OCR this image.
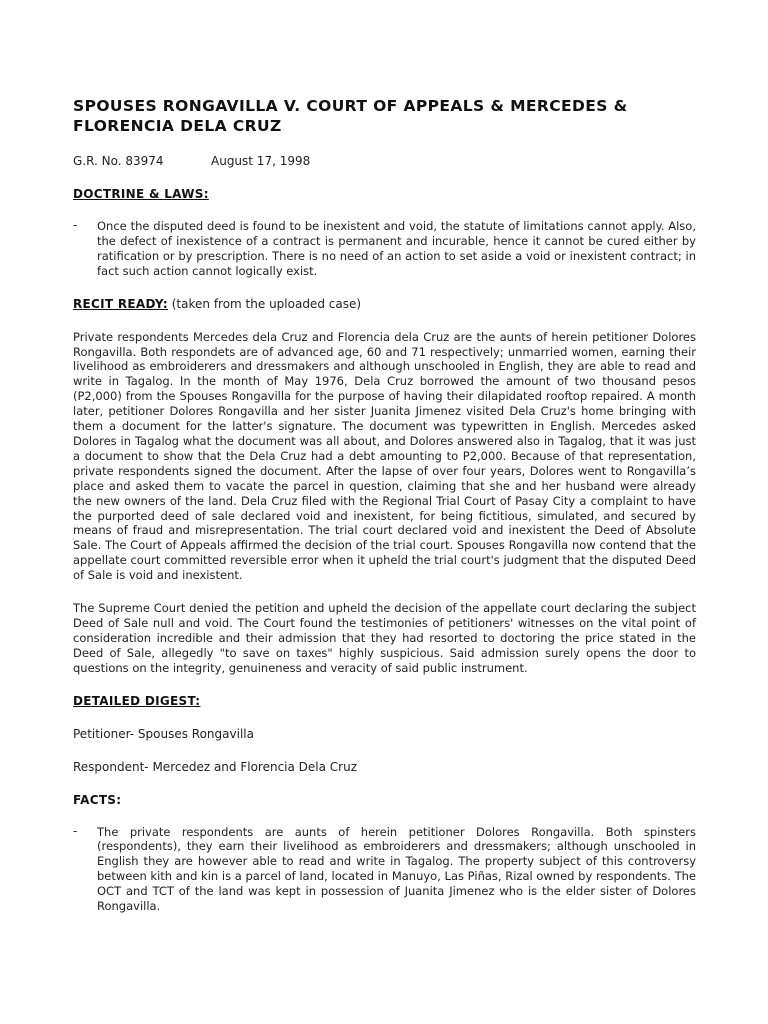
SPOUSES RONGAVILLA V. COURT OF APPEALS & MERCEDES & FLORENCIA DELA CRUZ
G.R. No. 83974	August 17, 1998
DOCTRINE & LAWS:
-	Once the disputed deed is found to be inexistent and void, the statute of limitations cannot apply. Also, the defect of inexistence of a contract is permanent and incurable, hence it cannot be cured either by ratification or by prescription. There is no need of an action to set aside a void or inexistent contract; in fact such action cannot logically exist.

RECIT READY: (taken from the uploaded case)

Private respondents Mercedes dela Cruz and Florencia dela Cruz are the aunts of herein petitioner Dolores Rongavilla. Both respondets are of advanced age, 60 and 71 respectively; unmarried women, earning their livelihood as embroiderers and dressmakers and although unschooled in English, they are able to read and write in Tagalog. In the month of May 1976, Dela Cruz borrowed the amount of two thousand pesos (P2,000) from the Spouses Rongavilla for the purpose of having their dilapidated rooftop repaired. A month later, petitioner Dolores Rongavilla and her sister Juanita Jimenez visited Dela Cruz's home bringing with them a document for the latter's signature. The document was typewritten in English. Mercedes asked Dolores in Tagalog what the document was all about, and Dolores answered also in Tagalog, that it was just a document to show that the Dela Cruz had a debt amounting to P2,000. Because of that representation, private respondents signed the document. After the lapse of over four years, Dolores went to Rongavilla’s place and asked them to vacate the parcel in question, claiming that she and her husband were already the new owners of the land. Dela Cruz filed with the Regional Trial Court of Pasay City a complaint to have the purported deed of sale declared void and inexistent, for being fictitious, simulated, and secured by means of fraud and misrepresentation. The trial court declared void and inexistent the Deed of Absolute Sale. The Court of Appeals affirmed the decision of the trial court. Spouses Rongavilla now contend that the appellate court committed reversible error when it upheld the trial court's judgment that the disputed Deed of Sale is void and inexistent.

The Supreme Court denied the petition and upheld the decision of the appellate court declaring the subject Deed of Sale null and void. The Court found the testimonies of petitioners' witnesses on the vital point of consideration incredible and their admission that they had resorted to doctoring the price stated in the Deed of Sale, allegedly "to save on taxes" highly suspicious. Said admission surely opens the door to questions on the integrity, genuineness and veracity of said public instrument.

DETAILED DIGEST:
Petitioner- Spouses Rongavilla
Respondent- Mercedez and Florencia Dela Cruz
FACTS:
-	The private respondents are aunts of herein petitioner Dolores Rongavilla. Both spinsters (respondents), they earn their livelihood as embroiderers and dressmakers; although unschooled in English they are however able to read and write in Tagalog. The property subject of this controversy between kith and kin is a parcel of land, located in Manuyo, Las Piñas, Rizal owned by respondents. The OCT and TCT of the land was kept in possession of Juanita Jimenez who is the elder sister of Dolores Rongavilla.
